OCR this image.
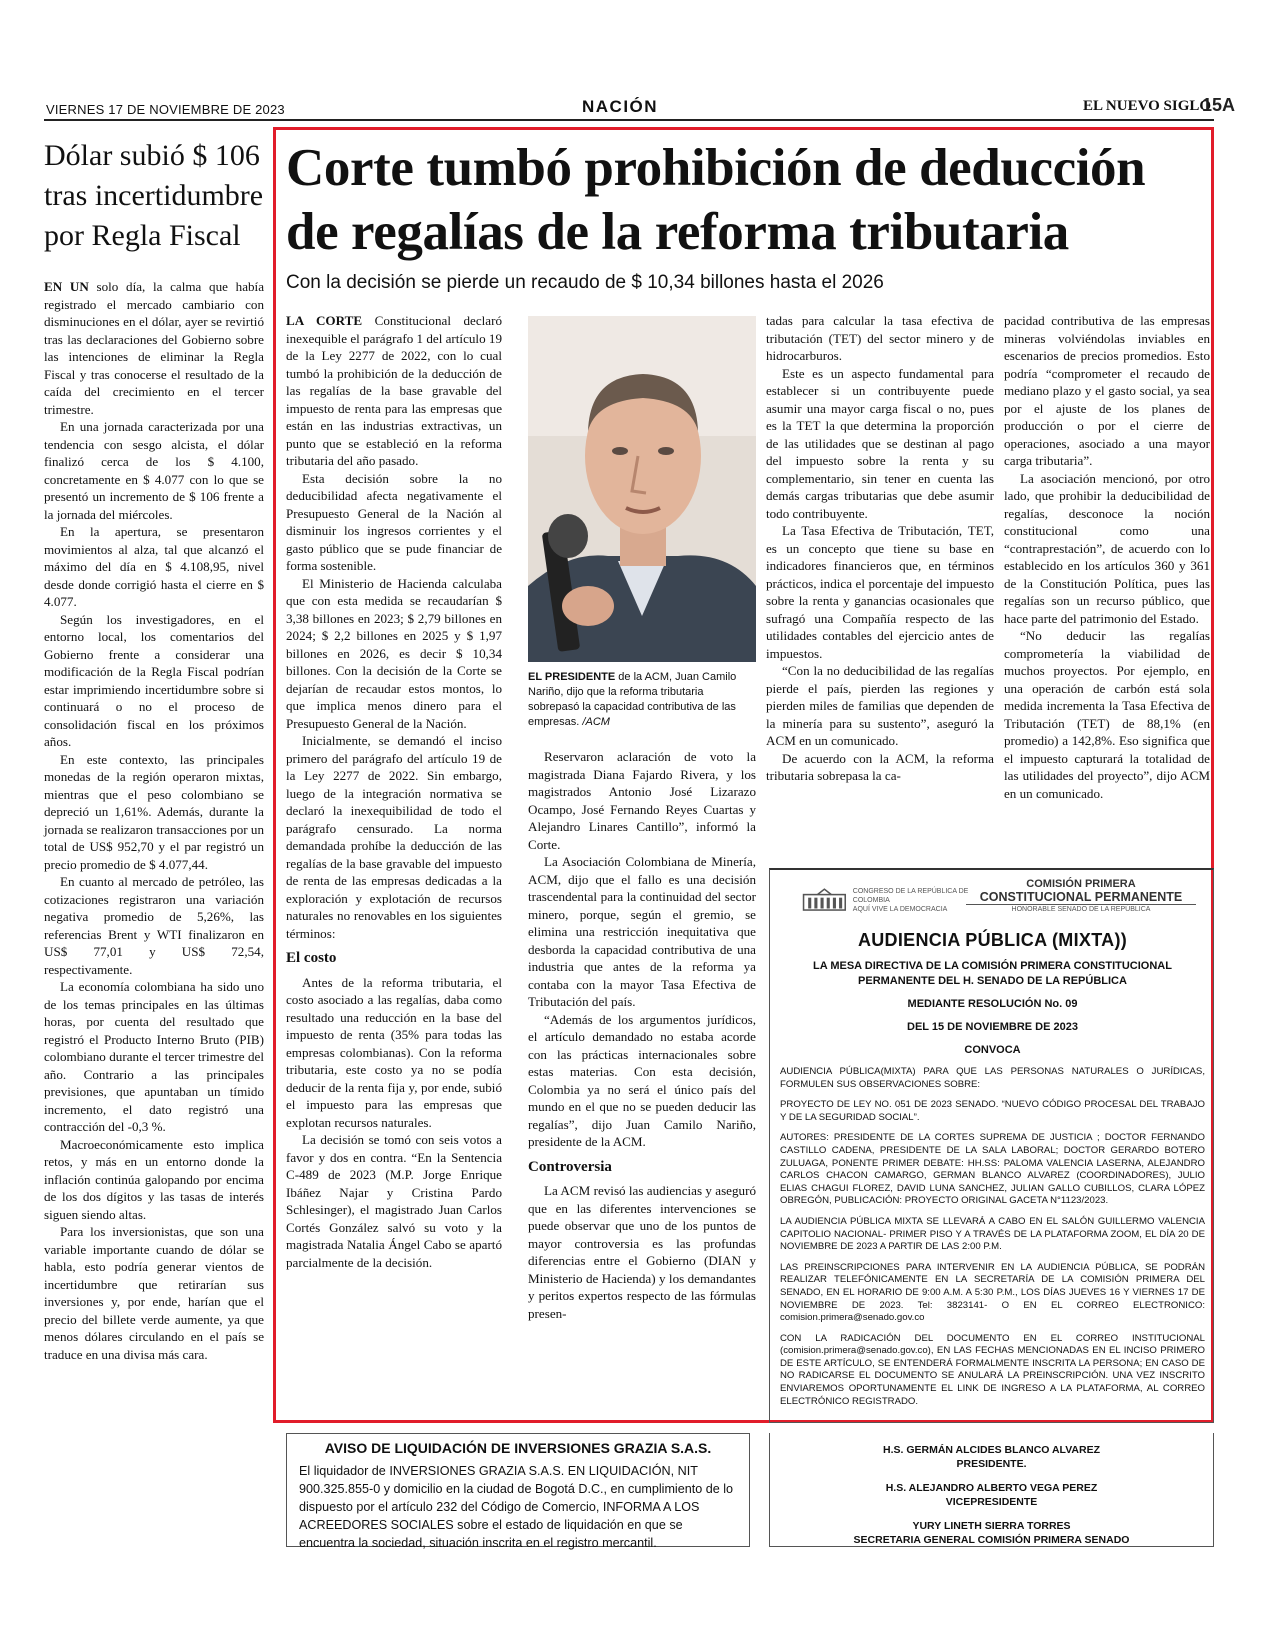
VIERNES 17 DE NOVIEMBRE DE 2023	NACIÓN	EL NUEVO SIGLO
15A
Dólar subió $ 106 tras incertidumbre por Regla Fiscal

EN UN solo día, la calma que había registrado el mercado cambiario con disminuciones en el dólar, ayer se revirtió tras las declaraciones del Gobierno sobre las intenciones de eliminar la Regla Fiscal y tras conocerse el resultado de la caída del crecimiento en el tercer trimestre.

En una jornada caracterizada por una tendencia con sesgo alcista, el dólar finalizó cerca de los $ 4.100, concretamente en $ 4.077 con lo que se presentó un incremento de $ 106 frente a la jornada del miércoles.

En la apertura, se presentaron movimientos al alza, tal que alcanzó el máximo del día en $ 4.108,95, nivel desde donde corrigió hasta el cierre en $ 4.077.

Según los investigadores, en el entorno local, los comentarios del Gobierno frente a considerar una modificación de la Regla Fiscal podrían estar imprimiendo incertidumbre sobre si continuará o no el proceso de consolidación fiscal en los próximos años.

En este contexto, las principales monedas de la región operaron mixtas, mientras que el peso colombiano se depreció un 1,61%. Además, durante la jornada se realizaron transacciones por un total de US$ 952,70 y el par registró un precio promedio de $ 4.077,44.

En cuanto al mercado de petróleo, las cotizaciones registraron una variación negativa promedio de 5,26%, las referencias Brent y WTI finalizaron en US$ 77,01 y US$ 72,54, respectivamente.

La economía colombiana ha sido uno de los temas principales en las últimas horas, por cuenta del resultado que registró el Producto Interno Bruto (PIB) colombiano durante el tercer trimestre del año. Contrario a las principales previsiones, que apuntaban un tímido incremento, el dato registró una contracción del -0,3 %.

Macroeconómicamente esto implica retos, y más en un entorno donde la inflación continúa galopando por encima de los dos dígitos y las tasas de interés siguen siendo altas.

Para los inversionistas, que son una variable importante cuando de dólar se habla, esto podría generar vientos de incertidumbre que retirarían sus inversiones y, por ende, harían que el precio del billete verde aumente, ya que menos dólares circulando en el país se traduce en una divisa más cara.

Corte tumbó prohibición de deducción de regalías de la reforma tributaria
Con la decisión se pierde un recaudo de $ 10,34 billones hasta el 2026

LA CORTE Constitucional declaró inexequible el parágrafo 1 del artículo 19 de la Ley 2277 de 2022, con lo cual tumbó la prohibición de la deducción de las regalías de la base gravable del impuesto de renta para las empresas que están en las industrias extractivas, un punto que se estableció en la reforma tributaria del año pasado.

Esta decisión sobre la no deducibilidad afecta negativamente el Presupuesto General de la Nación al disminuir los ingresos corrientes y el gasto público que se pude financiar de forma sostenible.

El Ministerio de Hacienda calculaba que con esta medida se recaudarían $ 3,38 billones en 2023; $ 2,79 billones en 2024; $ 2,2 billones en 2025 y $ 1,97 billones en 2026, es decir $ 10,34 billones. Con la decisión de la Corte se dejarían de recaudar estos montos, lo que implica menos dinero para el Presupuesto General de la Nación.

Inicialmente, se demandó el inciso primero del parágrafo del artículo 19 de la Ley 2277 de 2022. Sin embargo, luego de la integración normativa se declaró la inexequibilidad de todo el parágrafo censurado. La norma demandada prohíbe la deducción de las regalías de la base gravable del impuesto de renta de las empresas dedicadas a la exploración y explotación de recursos naturales no renovables en los siguientes términos:

El costo

Antes de la reforma tributaria, el costo asociado a las regalías, daba como resultado una reducción en la base del impuesto de renta (35% para todas las empresas colombianas). Con la reforma tributaria, este costo ya no se podía deducir de la renta fija y, por ende, subió el impuesto para las empresas que explotan recursos naturales.

La decisión se tomó con seis votos a favor y dos en contra. “En la Sentencia C-489 de 2023 (M.P. Jorge Enrique Ibáñez Najar y Cristina Pardo Schlesinger), el magistrado Juan Carlos Cortés González salvó su voto y la magistrada Natalia Ángel Cabo se apartó parcialmente de la decisión.

EL PRESIDENTE de la ACM, Juan Camilo Nariño, dijo que la reforma tributaria sobrepasó la capacidad contributiva de las empresas. /ACM

Reservaron aclaración de voto la magistrada Diana Fajardo Rivera, y los magistrados Antonio José Lizarazo Ocampo, José Fernando Reyes Cuartas y Alejandro Linares Cantillo”, informó la Corte.

La Asociación Colombiana de Minería, ACM, dijo que el fallo es una decisión trascendental para la continuidad del sector minero, porque, según el gremio, se elimina una restricción inequitativa que desborda la capacidad contributiva de una industria que antes de la reforma ya contaba con la mayor Tasa Efectiva de Tributación del país.

“Además de los argumentos jurídicos, el artículo demandado no estaba acorde con las prácticas internacionales sobre estas materias. Con esta decisión, Colombia ya no será el único país del mundo en el que no se pueden deducir las regalías”, dijo Juan Camilo Nariño, presidente de la ACM.

Controversia

La ACM revisó las audiencias y aseguró que en las diferentes intervenciones se puede observar que uno de los puntos de mayor controversia es las profundas diferencias entre el Gobierno (DIAN y Ministerio de Hacienda) y los demandantes y peritos expertos respecto de las fórmulas presen-

tadas para calcular la tasa efectiva de tributación (TET) del sector minero y de hidrocarburos.

Este es un aspecto fundamental para establecer si un contribuyente puede asumir una mayor carga fiscal o no, pues es la TET la que determina la proporción de las utilidades que se destinan al pago del impuesto sobre la renta y su complementario, sin tener en cuenta las demás cargas tributarias que debe asumir todo contribuyente.

La Tasa Efectiva de Tributación, TET, es un concepto que tiene su base en indicadores financieros que, en términos prácticos, indica el porcentaje del impuesto sobre la renta y ganancias ocasionales que sufragó una Compañía respecto de las utilidades contables del ejercicio antes de impuestos.

“Con la no deducibilidad de las regalías pierde el país, pierden las regiones y pierden miles de familias que dependen de la minería para su sustento”, aseguró la ACM en un comunicado.

De acuerdo con la ACM, la reforma tributaria sobrepasa la ca-

pacidad contributiva de las empresas mineras volviéndolas inviables en escenarios de precios promedios. Esto podría “comprometer el recaudo de mediano plazo y el gasto social, ya sea por el ajuste de los planes de producción o por el cierre de operaciones, asociado a una mayor carga tributaria”.

La asociación mencionó, por otro lado, que prohibir la deducibilidad de regalías, desconoce la noción constitucional como una “contraprestación”, de acuerdo con lo establecido en los artículos 360 y 361 de la Constitución Política, pues las regalías son un recurso público, que hace parte del patrimonio del Estado.

“No deducir las regalías comprometería la viabilidad de muchos proyectos. Por ejemplo, en una operación de carbón está sola medida incrementa la Tasa Efectiva de Tributación (TET) de 88,1% (en promedio) a 142,8%. Eso significa que el impuesto capturará la totalidad de las utilidades del proyecto”, dijo ACM en un comunicado.

CONGRESO DE LA REPÚBLICA DE COLOMBIA
AQUÍ VIVE LA DEMOCRACIA
COMISIÓN PRIMERA
CONSTITUCIONAL PERMANENTE
HONORABLE SENADO DE LA REPÚBLICA
AUDIENCIA PÚBLICA (MIXTA))
LA MESA DIRECTIVA DE LA COMISIÓN PRIMERA CONSTITUCIONAL PERMANENTE DEL H. SENADO DE LA REPÚBLICA
MEDIANTE RESOLUCIÓN No. 09
DEL 15 DE NOVIEMBRE DE 2023
CONVOCA
AUDIENCIA PÚBLICA(MIXTA) PARA QUE LAS PERSONAS NATURALES O JURÍDICAS, FORMULEN SUS OBSERVACIONES SOBRE:
PROYECTO DE LEY NO. 051 DE 2023 SENADO. “NUEVO CÓDIGO PROCESAL DEL TRABAJO Y DE LA SEGURIDAD SOCIAL”.
AUTORES: PRESIDENTE DE LA CORTES SUPREMA DE JUSTICIA ; DOCTOR FERNANDO CASTILLO CADENA, PRESIDENTE DE LA SALA LABORAL; DOCTOR GERARDO BOTERO ZULUAGA, PONENTE PRIMER DEBATE: HH.SS: PALOMA VALENCIA LASERNA, ALEJANDRO CARLOS CHACON CAMARGO, GERMAN BLANCO ALVAREZ (COORDINADORES), JULIO ELIAS CHAGUI FLOREZ, DAVID LUNA SANCHEZ, JULIAN GALLO CUBILLOS, CLARA LÓPEZ OBREGÓN, PUBLICACIÓN: PROYECTO ORIGINAL GACETA N°1123/2023.
LA AUDIENCIA PÚBLICA MIXTA SE LLEVARÁ A CABO EN EL SALÓN GUILLERMO VALENCIA CAPITOLIO NACIONAL- PRIMER PISO Y A TRAVÉS DE LA PLATAFORMA ZOOM, EL DÍA 20 DE NOVIEMBRE DE 2023 A PARTIR DE LAS 2:00 P.M.
LAS PREINSCRIPCIONES PARA INTERVENIR EN LA AUDIENCIA PÚBLICA, SE PODRÁN REALIZAR TELEFÓNICAMENTE EN LA SECRETARÍA DE LA COMISIÓN PRIMERA DEL SENADO, EN EL HORARIO DE 9:00 A.M. A 5:30 P.M., LOS DÍAS JUEVES 16 Y VIERNES 17 DE NOVIEMBRE DE 2023. Tel: 3823141- O EN EL CORREO ELECTRONICO: comision.primera@senado.gov.co
CON LA RADICACIÓN DEL DOCUMENTO EN EL CORREO INSTITUCIONAL (comision.primera@senado.gov.co), EN LAS FECHAS MENCIONADAS EN EL INCISO PRIMERO DE ESTE ARTÍCULO, SE ENTENDERÁ FORMALMENTE INSCRITA LA PERSONA; EN CASO DE NO RADICARSE EL DOCUMENTO SE ANULARÁ LA PREINSCRIPCIÓN. UNA VEZ INSCRITO ENVIAREMOS OPORTUNAMENTE EL LINK DE INGRESO A LA PLATAFORMA, AL CORREO ELECTRÓNICO REGISTRADO.
AVISO DE LIQUIDACIÓN DE INVERSIONES GRAZIA S.A.S.
El liquidador de INVERSIONES GRAZIA S.A.S. EN LIQUIDACIÓN, NIT 900.325.855-0 y domicilio en la ciudad de Bogotá D.C., en cumplimiento de lo dispuesto por el artículo 232 del Código de Comercio, INFORMA A LOS ACREEDORES SOCIALES sobre el estado de liquidación en que se encuentra la sociedad, situación inscrita en el registro mercantil.
H.S. GERMÁN ALCIDES BLANCO ALVAREZ
PRESIDENTE.
H.S. ALEJANDRO ALBERTO VEGA PEREZ
VICEPRESIDENTE
YURY LINETH SIERRA TORRES
SECRETARIA GENERAL COMISIÓN PRIMERA SENADO
